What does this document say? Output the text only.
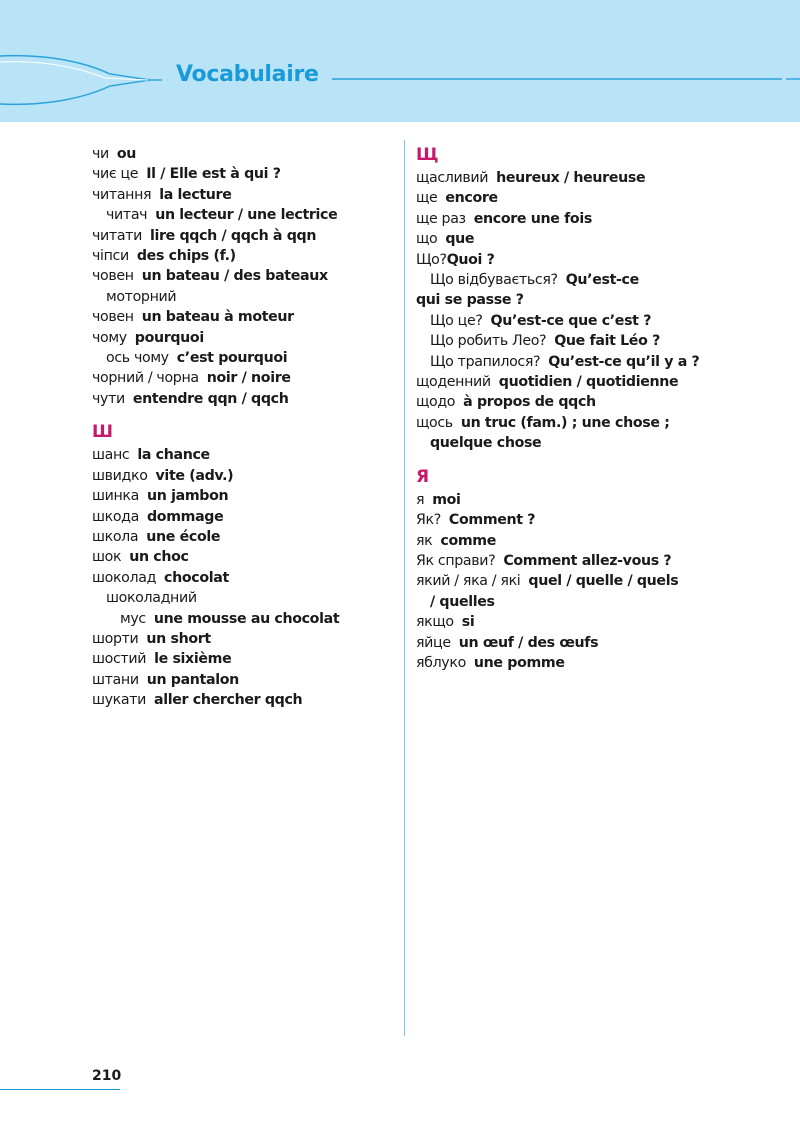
Vocabulaire
чи ou
чиє це Il / Elle est à qui ?
читання la lecture
читач un lecteur / une lectrice
читати lire qqch / qqch à qqn
чіпси des chips (f.)
човен un bateau / des bateaux
моторний
човен un bateau à moteur
чому pourquoi
ось чому c’est pourquoi
чорний / чорна noir / noire
чути entendre qqn / qqch
Ш
шанс la chance
швидко vite (adv.)
шинка un jambon
шкода dommage
школа une école
шок un choc
шоколад chocolat
шоколадний
мус une mousse au chocolat
шорти un short
шостий le sixième
штани un pantalon
шукати aller chercher qqch
Щ
щасливий heureux / heureuse
ще encore
ще раз encore une fois
що que
Що?Quoi ?
Що відбувається? Qu’est-ce
qui se passe ?
Що це? Qu’est-ce que c’est ?
Що робить Лео? Que fait Léo ?
Що трапилося? Qu’est-ce qu’il y a ?
щоденний quotidien / quotidienne
щодо à propos de qqch
щось un truc (fam.) ; une chose ;
quelque chose
Я
я moi
Як? Comment ?
як comme
Як справи? Comment allez-vous ?
який / яка / які quel / quelle / quels
/ quelles
якщо si
яйце un œuf / des œufs
яблуко une pomme
210
